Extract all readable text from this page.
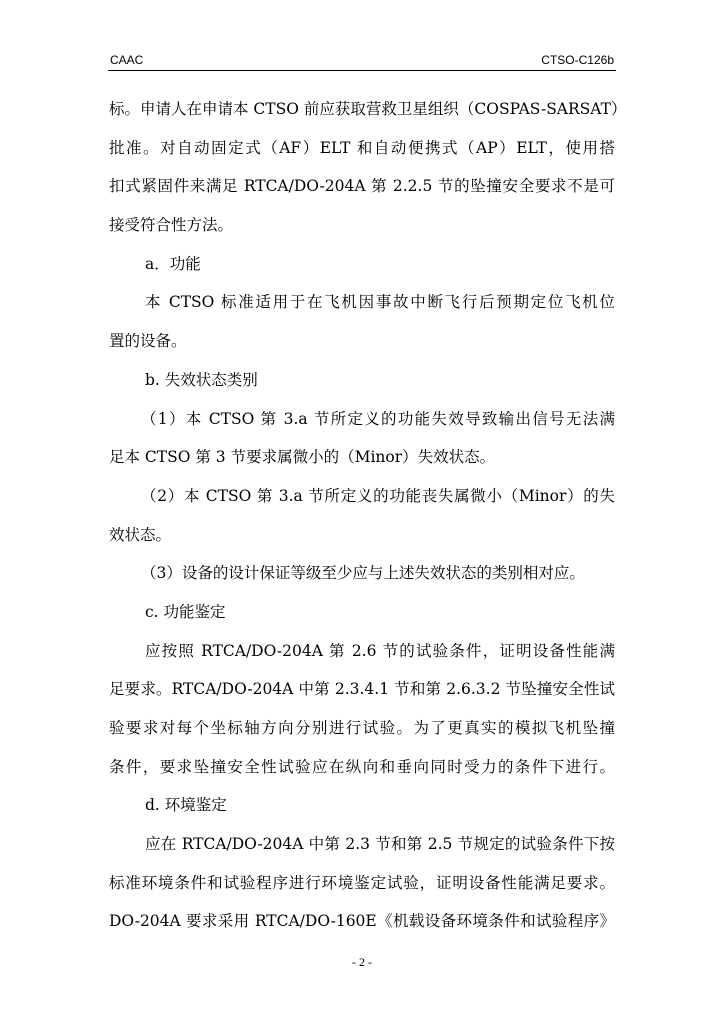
CAAC	CTSO-C126b
标。申请人在申请本 CTSO 前应获取营救卫星组织（COSPAS-SARSAT）
批准。对自动固定式（AF）ELT 和自动便携式（AP）ELT，使用搭
扣式紧固件来满足 RTCA/DO-204A 第 2.2.5 节的坠撞安全要求不是可
接受符合性方法。
a．功能
本 CTSO 标准适用于在飞机因事故中断飞行后预期定位飞机位
置的设备。
b. 失效状态类别
（1）本 CTSO 第 3.a 节所定义的功能失效导致输出信号无法满
足本 CTSO 第 3 节要求属微小的（Minor）失效状态。
（2）本 CTSO 第 3.a 节所定义的功能丧失属微小（Minor）的失
效状态。
（3）设备的设计保证等级至少应与上述失效状态的类别相对应。
c. 功能鉴定
应按照 RTCA/DO-204A 第 2.6 节的试验条件，证明设备性能满
足要求。RTCA/DO-204A 中第 2.3.4.1 节和第 2.6.3.2 节坠撞安全性试
验要求对每个坐标轴方向分别进行试验。为了更真实的模拟飞机坠撞
条件，要求坠撞安全性试验应在纵向和垂向同时受力的条件下进行。
d. 环境鉴定
应在 RTCA/DO-204A 中第 2.3 节和第 2.5 节规定的试验条件下按
标准环境条件和试验程序进行环境鉴定试验，证明设备性能满足要求。
DO-204A 要求采用 RTCA/DO-160E《机载设备环境条件和试验程序》
- 2 -
